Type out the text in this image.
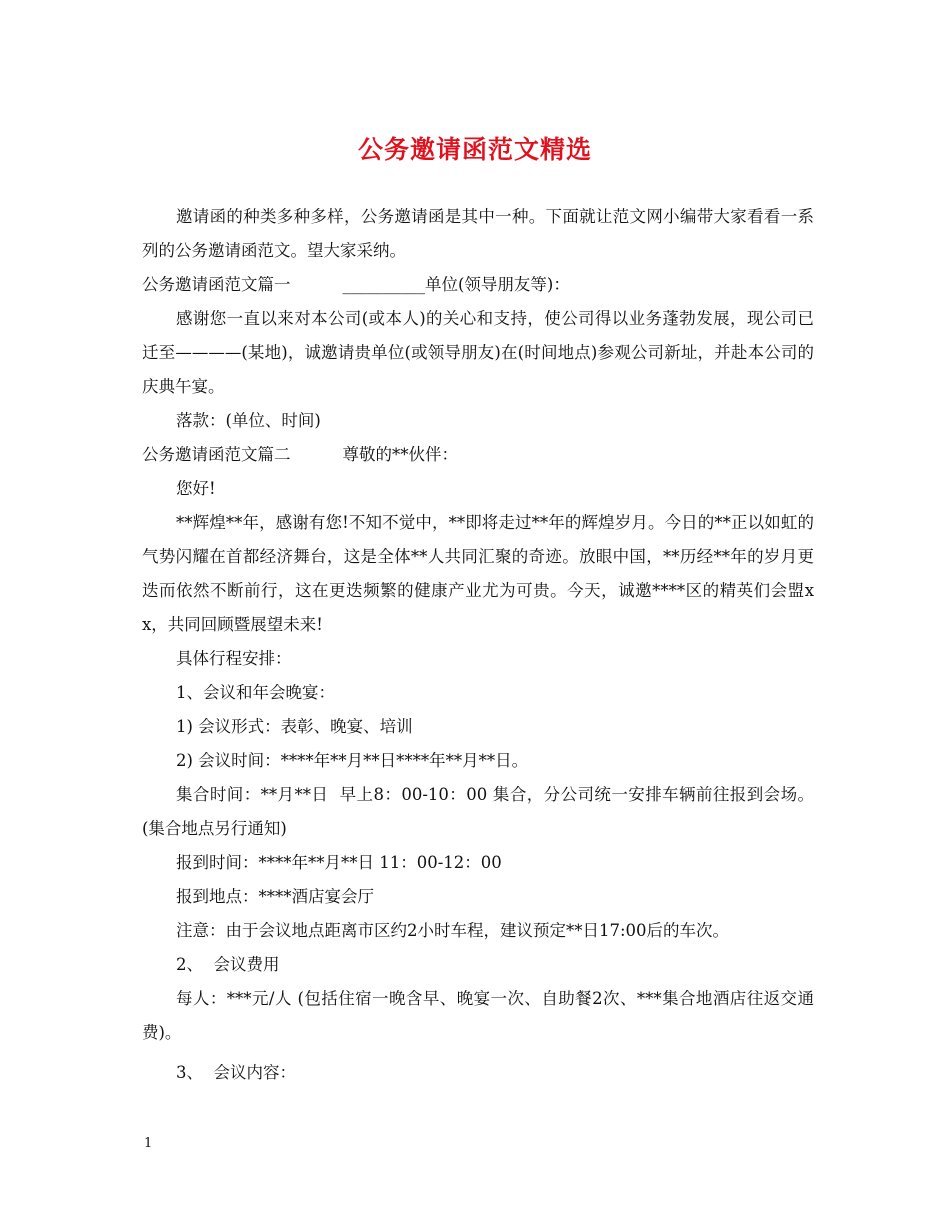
公务邀请函范文精选

邀请函的种类多种多样，公务邀请函是其中一种。下面就让范文网小编带大家看看一系列的公务邀请函范文。望大家采纳。

公务邀请函范文篇一	__________单位(领导朋友等)：

感谢您一直以来对本公司(或本人)的关心和支持，使公司得以业务蓬勃发展，现公司已迁至————(某地)，诚邀请贵单位(或领导朋友)在(时间地点)参观公司新址，并赴本公司的庆典午宴。

落款：(单位、时间)

公务邀请函范文篇二	尊敬的**伙伴：

您好!

**辉煌**年，感谢有您!不知不觉中，**即将走过**年的辉煌岁月。今日的**正以如虹的气势闪耀在首都经济舞台，这是全体**人共同汇聚的奇迹。放眼中国，**历经**年的岁月更迭而依然不断前行，这在更迭频繁的健康产业尤为可贵。今天，诚邀****区的精英们会盟xx，共同回顾暨展望未来!

具体行程安排：

1、会议和年会晚宴：

1) 会议形式：表彰、晚宴、培训

2) 会议时间：****年**月**日****年**月**日。

集合时间：**月**日  早上8：00-10：00 集合，分公司统一安排车辆前往报到会场。(集合地点另行通知)

报到时间：****年**月**日 11：00-12：00

报到地点：****酒店宴会厅

注意：由于会议地点距离市区约2小时车程，建议预定**日17:00后的车次。

2、  会议费用

每人：***元/人 (包括住宿一晚含早、晚宴一次、自助餐2次、***集合地酒店往返交通费)。

3、  会议内容：

1
